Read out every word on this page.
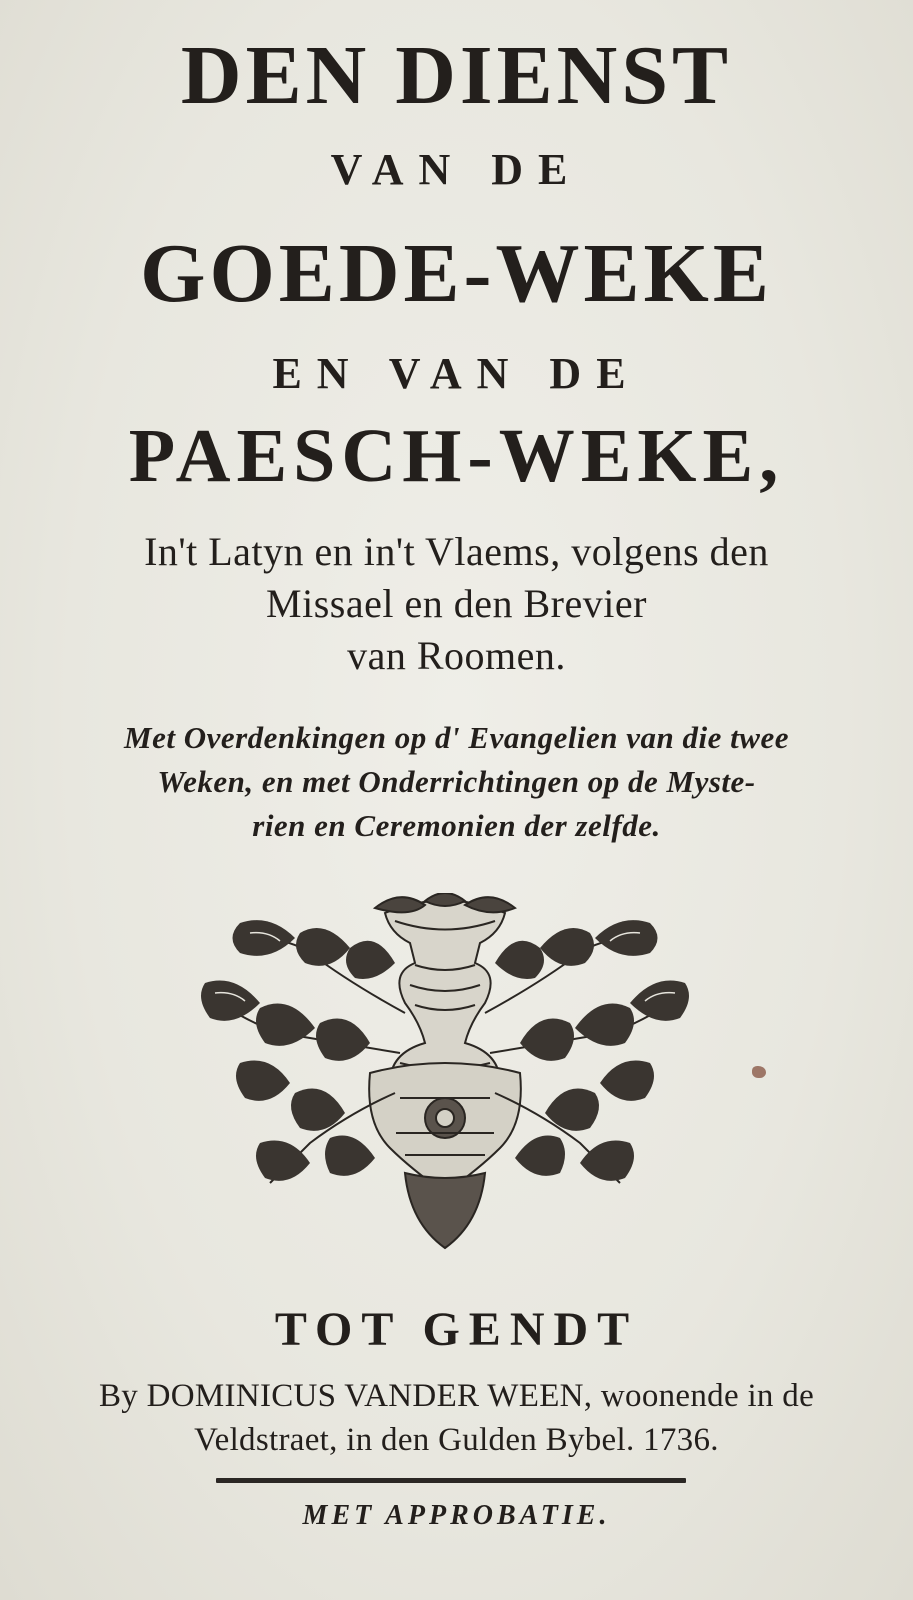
DEN DIENST
VAN DE
GOEDE-WEKE
EN VAN DE
PAESCH-WEKE,
In't Latyn en in't Vlaems, volgens den
Missael en den Brevier
van Roomen.
Met Overdenkingen op d' Evangelien van die twee
Weken, en met Onderrichtingen op de Myste-
rien en Ceremonien der zelfde.
TOT GENDT
By DOMINICUS VANDER WEEN, woonende in de
Veldstraet, in den Gulden Bybel. 1736.
MET APPROBATIE.
